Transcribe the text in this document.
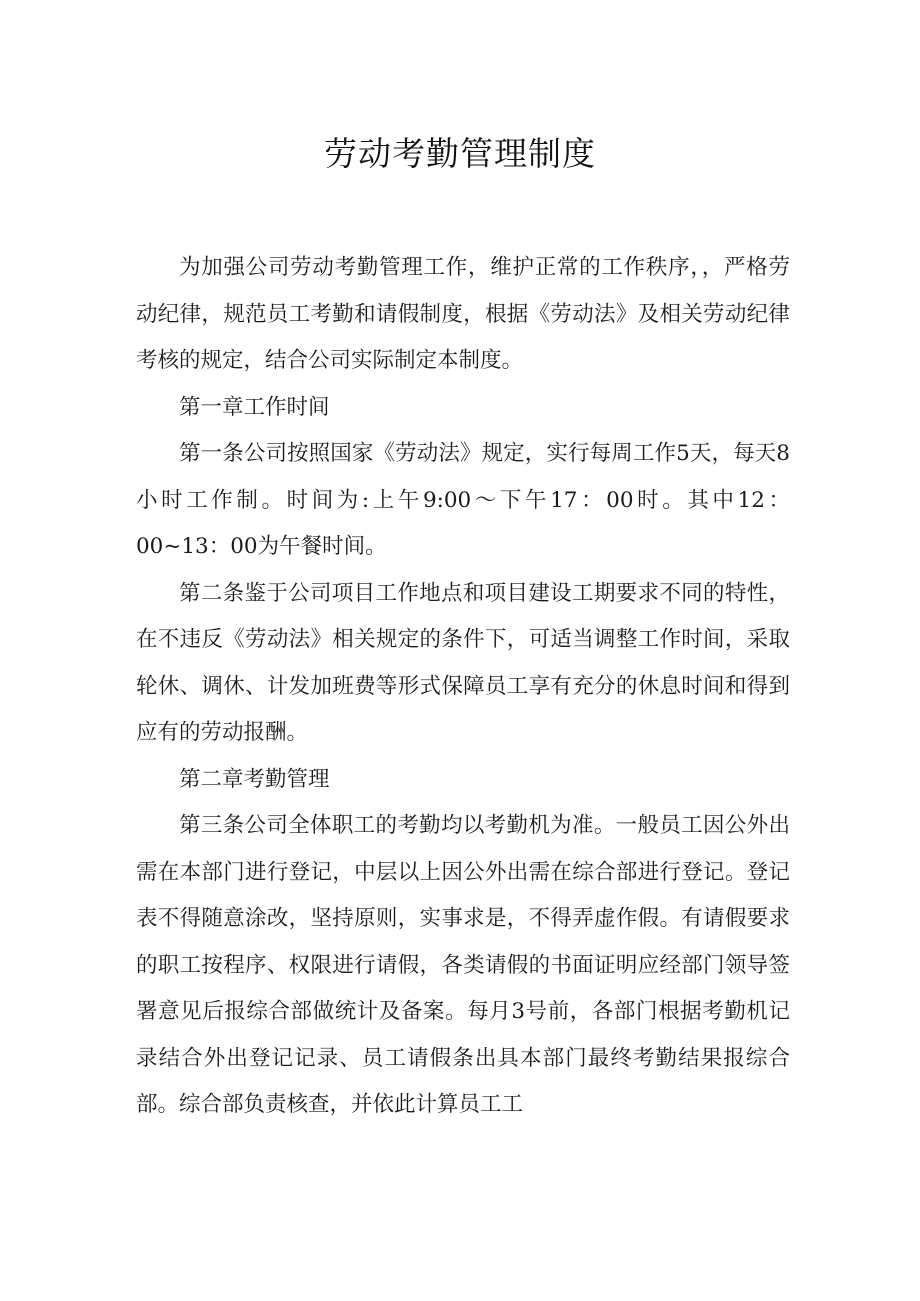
劳动考勤管理制度

为加强公司劳动考勤管理工作，维护正常的工作秩序，，严格劳动纪律，规范员工考勤和请假制度，根据《劳动法》及相关劳动纪律考核的规定，结合公司实际制定本制度。

第一章工作时间

第一条公司按照国家《劳动法》规定，实行每周工作5天，每天8小时工作制。时间为:上午9:00～下午17：00时。其中12：00~13：00为午餐时间。

第二条鉴于公司项目工作地点和项目建设工期要求不同的特性，在不违反《劳动法》相关规定的条件下，可适当调整工作时间，采取轮休、调休、计发加班费等形式保障员工享有充分的休息时间和得到应有的劳动报酬。

第二章考勤管理

第三条公司全体职工的考勤均以考勤机为准。一般员工因公外出需在本部门进行登记，中层以上因公外出需在综合部进行登记。登记表不得随意涂改，坚持原则，实事求是，不得弄虚作假。有请假要求的职工按程序、权限进行请假，各类请假的书面证明应经部门领导签署意见后报综合部做统计及备案。每月3号前，各部门根据考勤机记录结合外出登记记录、员工请假条出具本部门最终考勤结果报综合部。综合部负责核查，并依此计算员工工
